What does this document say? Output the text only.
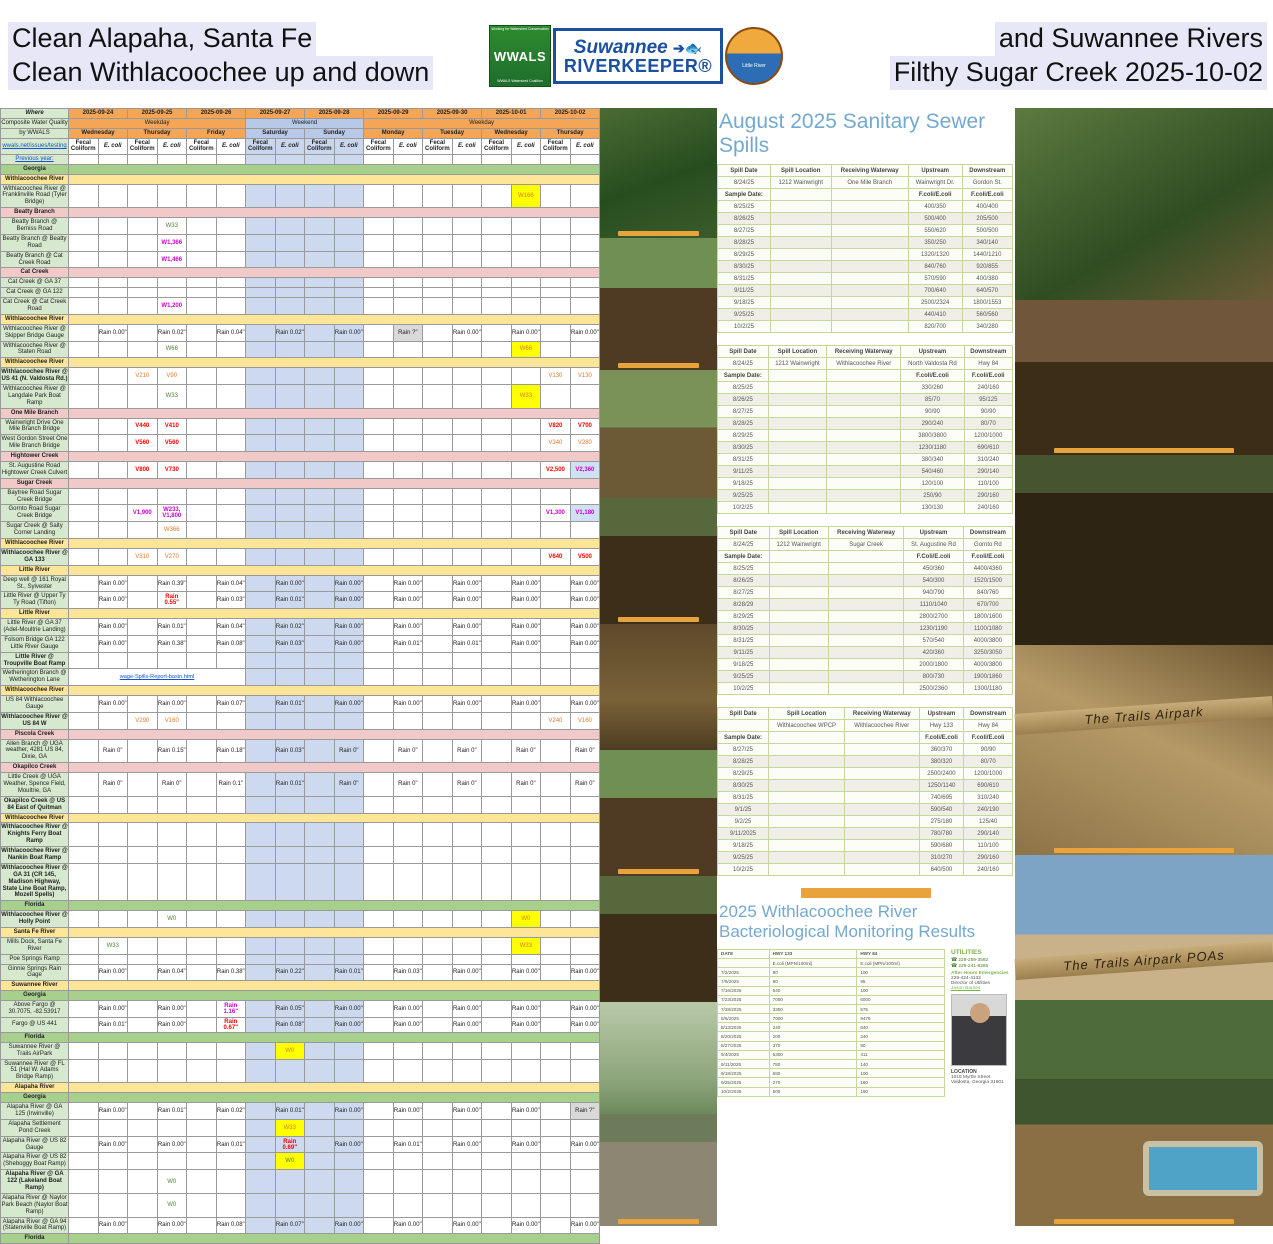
Clean Alapaha, Santa Fe
Clean Withlacoochee up and down
Working for Watershed Conservation
WWALS
WWALS Watershed Coalition
Suwannee ➔🐟
RIVERKEEPER®	Little River
and Suwannee Rivers
Filthy Sugar Creek 2025-10-02
Where	2025-09-24		2025-09-25		2025-09-26		2025-09-27		2025-09-28		2025-09-29		2025-09-30		2025-10-01		2025-10-02	
Composite Water Quality	Weekday						Weekend				Weekday							
by WWALS	Wednesday		Thursday		Friday		Saturday		Sunday		Monday		Tuesday		Wednesday		Thursday	
wwals.net/issues/testing	Fecal Coliform	E. coli	Fecal Coliform	E. coli	Fecal Coliform	E. coli	Fecal Coliform	E. coli	Fecal Coliform	E. coli	Fecal Coliform	E. coli	Fecal Coliform	E. coli	Fecal Coliform	E. coli	Fecal Coliform	E. coli
Previous year:																		
Georgia																		
Withlacoochee River																		
Withlacoochee River @ Franklinville Road (Tyler Bridge)																W166		
Beatty Branch																		
Beatty Branch @ Berniss Road				W33														
Beatty Branch @ Beatty Road				W1,366														
Beatty Branch @ Cat Creek Road				W1,466														
Cat Creek																		
Cat Creek @ GA 37																		
Cat Creek @ GA 122																		
Cat Creek @ Cat Creek Road				W1,200														
Withlacoochee River																		
Withlacoochee River @ Skipper Bridge Gauge		Rain 0.00"		Rain 0.02"		Rain 0.04"		Rain 0.02"		Rain 0.00"		Rain ?"		Rain 0.00"		Rain 0.00"		Rain 0.00"
Withlacoochee River @ Staten Road				W66												W66		
Withlacoochee River																		
Withlacoochee River @ US 41 (N. Valdosta Rd.)			V210	V90													V130	V130
Withlacoochee River @ Langdale Park Boat Ramp				W33												W33		
One Mile Branch																		
Wainwright Drive One Mile Branch Bridge			V440	V410													V820	V700
West Gordon Street One Mile Branch Bridge			V560	V560													V340	V280
Hightower Creek																		
St. Augustine Road Hightower Creek Culvert			V800	V730													V2,500	V2,360
Sugar Creek																		
Baytree Road Sugar Creek Bridge																		
Gornto Road Sugar Creek Bridge			V1,900	W233, V1,800													V1,300	V1,180
Sugar Creek @ Salty Corner Landing				W366														
Withlacoochee River																		
Withlacoochee River @ GA 133			V310	V270													V640	V500
Little River																		
Deep well @ 161 Royal St., Sylvester		Rain 0.00"		Rain 0.39"		Rain 0.04"		Rain 0.00"		Rain 0.00"		Rain 0.00"		Rain 0.00"		Rain 0.00"		Rain 0.00"
Little River @ Upper Ty Ty Road (Tifton)		Rain 0.00"		Rain 0.55"		Rain 0.03"		Rain 0.01"		Rain 0.00"		Rain 0.00"		Rain 0.00"		Rain 0.00"		Rain 0.00"
Little River																		
Little River @ GA 37 (Adel-Moultrie Landing)		Rain 0.00"		Rain 0.01"		Rain 0.04"		Rain 0.02"		Rain 0.00"		Rain 0.00"		Rain 0.00"		Rain 0.00"		Rain 0.00"
Folsom Bridge GA 122 Little River Gauge		Rain 0.00"		Rain 0.38"		Rain 0.08"		Rain 0.03"		Rain 0.00"		Rain 0.01"		Rain 0.01"		Rain 0.00"		Rain 0.00"
Little River @ Troupville Boat Ramp																		
Wetherington Branch @ Wetherington Lane	wage-Spills-Report-basin.html																	
Withlacoochee River																		
US 84 Withlacoochee Gauge		Rain 0.00"		Rain 0.00"		Rain 0.07"		Rain 0.01"		Rain 0.00"		Rain 0.00"		Rain 0.00"		Rain 0.00"		Rain 0.00"
Withlacoochee River @ US 84 W			V290	V160													V240	V160
Piscola Creek																		
Allen Branch @ UGA weather, 4281 US 84, Dixie, GA		Rain 0"		Rain 0.15"		Rain 0.18"		Rain 0.03"		Rain 0"		Rain 0"		Rain 0"		Rain 0"		Rain 0"
Okapilco Creek																		
Little Creek @ UGA Weather, Spence Field, Moultrie, GA		Rain 0"		Rain 0"		Rain 0.1"		Rain 0.01"		Rain 0"		Rain 0"		Rain 0"		Rain 0"		Rain 0"
Okapilco Creek @ US 84 East of Quitman																		
Withlacoochee River																		
Withlacoochee River @ Knights Ferry Boat Ramp																		
Withlacoochee River @ Nankin Boat Ramp																		
Withlacoochee River @ GA 31 (CR 145, Madison Highway, State Line Boat Ramp, Mozell Spells)																		
Florida																		
Withlacoochee River @ Holly Point				W0												W0		
Santa Fe River																		
Mills Dock, Santa Fe River		W33														W33		
Poe Springs Ramp																		
Ginnie Springs Rain Gage		Rain 0.00"		Rain 0.04"		Rain 0.38"		Rain 0.22"		Rain 0.01"		Rain 0.03"		Rain 0.00"		Rain 0.00"		Rain 0.00"
Suwannee River																		
Georgia																		
Above Fargo @ 30.7075, -82.53917		Rain 0.00"		Rain 0.00"		Rain 1.16"		Rain 0.05"		Rain 0.00"		Rain 0.00"		Rain 0.00"		Rain 0.00"		Rain 0.00"
Fargo @ US 441		Rain 0.01"		Rain 0.00"		Rain 0.67"		Rain 0.08"		Rain 0.00"		Rain 0.00"		Rain 0.00"		Rain 0.00"		Rain 0.00"
Florida																		
Suwannee River @ Trails AirPark								W0										
Suwannee River @ FL 51 (Hal W. Adams Bridge Ramp)																		
Alapaha River																		
Georgia																		
Alapaha River @ GA 125 (Irwinville)		Rain 0.00"		Rain 0.01"		Rain 0.02"		Rain 0.01"		Rain 0.00"		Rain 0.00"		Rain 0.00"		Rain 0.00"		Rain ?"
Alapaha Settlement Pond Creek								W33										
Alapaha River @ US 82 Gauge		Rain 0.00"		Rain 0.00"		Rain 0.01"		Rain 0.69"		Rain 0.00"		Rain 0.01"		Rain 0.00"		Rain 0.00"		Rain 0.00"
Alapaha River @ US 82 (Sheboggy Boat Ramp)								W0										
Alapaha River @ GA 122 (Lakeland Boat Ramp)				W0														
Alapaha River @ Naylor Park Beach (Naylor Boat Ramp)				W0														
Alapaha River @ GA 94 (Statenville Boat Ramp)		Rain 0.00"		Rain 0.00"		Rain 0.08"		Rain 0.07"		Rain 0.00"		Rain 0.00"		Rain 0.00"		Rain 0.00"		Rain 0.00"
Florida																		
August 2025 Sanitary Sewer Spills
Spill Date	Spill Location	Receiving Waterway	Upstream	Downstream
8/24/25	1212 Wainwright	One Mile Branch	Wainwright Dr.	Gordon St.
Sample Date:			F.coli/E.coli	F.coli/E.coli
8/25/25			400/350	400/400
8/26/25			500/400	205/500
8/27/25			550/620	500/500
8/28/25			350/250	340/140
8/29/25			1320/1320	1440/1210
8/30/25			840/760	920/855
8/31/25			570/590	400/380
9/11/25			700/640	640/570
9/18/25			2500/2324	1800/1553
9/25/25			440/410	560/560
10/2/25			820/700	340/280
Spill Date	Spill Location	Receiving Waterway	Upstream	Downstream
8/24/25	1212 Wainwright	Withlacoochee River	North Valdosta Rd	Hwy 84
Sample Date:			F.coli/E.coli	F.coli/E.coli
8/25/25			330/260	240/160
8/26/25			85/70	95/125
8/27/25			90/90	90/90
8/28/25			290/240	80/70
8/29/25			3800/3800	1200/1000
8/30/25			1230/1180	690/610
8/31/25			380/340	310/240
9/11/25			540/460	290/140
9/18/25			120/100	110/100
9/25/25			250/90	290/160
10/2/25			130/130	240/160
Spill Date	Spill Location	Receiving Waterway	Upstream	Downstream
8/24/25	1212 Wainwright	Sugar Creek	St. Augustine Rd	Gornto Rd
Sample Date:			F.Coli/E.coli	F.coli/E.coli
8/25/25			450/360	4400/4360
8/26/25			540/300	1520/1500
8/27/25			940/790	840/760
8/28/29			1110/1040	670/700
8/29/25			2800/2700	1800/1600
8/30/25			1230/1190	1100/1080
8/31/25			570/540	4000/3800
9/11/25			420/360	3250/3050
9/18/25			2000/1800	4000/3800
9/25/25			800/730	1900/1860
10/2/25			2500/2360	1300/1180
Spill Date	Spill Location	Receiving Waterway	Upstream	Downstream
	Withlacoochee WPCP	Withlacoochee River	Hwy 133	Hwy 84
Sample Date:			F.coli/E.coli	F.coli/E.coli
8/27/25			360/370	90/90
8/28/25			380/320	80/70
8/29/25			2500/2400	1200/1000
8/30/25			1250/1140	690/610
8/31/25			740/695	310/240
9/1/25			590/540	240/190
9/2/25			275/180	125/40
9/11/2025			780/780	290/140
9/18/25			590/680	110/100
9/25/25			310/270	290/160
10/2/25			640/500	240/160
2025 Withlacoochee River Bacteriological Monitoring Results
DATE	HWY 133	HWY 84
	E.coli (MPN/100ml)	E.coli (MPN/100ml)
7/2/2025	90	100
7/9/2025	90	95
7/16/2025	540	100
7/23/2025	7000	6000
7/28/2025	3350	575
8/6/2025	7000	9476
8/13/2025	240	640
8/20/2025	200	240
8/27/2025	370	90
9/4/2025	5300	411
9/11/2025	780	140
9/18/2025	680	100
9/25/2025	270	160
10/2/2025	500	160
UTILITIES
☎ 229-259-3592
☎ 229-241-8285
After Hours Emergencies
229-424-4132
Director of Utilities
Jason Barnes
LOCATION
1016 Myrtle Street
Valdosta, Georgia 31601
The Trails Airpark
The Trails Airpark POAs
